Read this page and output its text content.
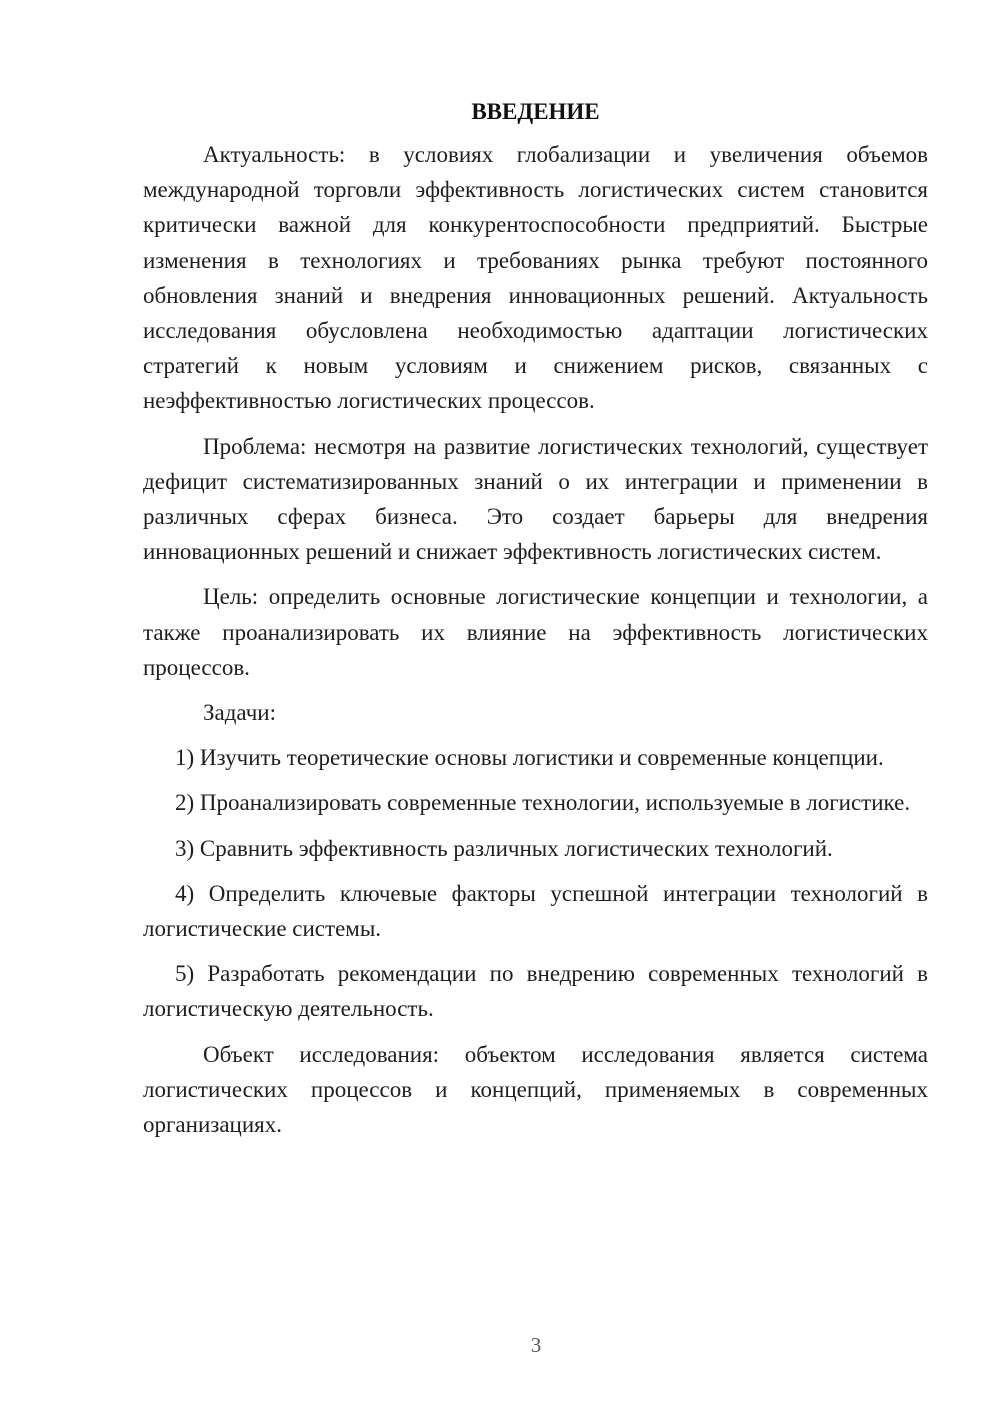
ВВЕДЕНИЕ

Актуальность: в условиях глобализации и увеличения объемов международной торговли эффективность логистических систем становится критически важной для конкурентоспособности предприятий. Быстрые изменения в технологиях и требованиях рынка требуют постоянного обновления знаний и внедрения инновационных решений. Актуальность исследования обусловлена необходимостью адаптации логистических стратегий к новым условиям и снижением рисков, связанных с неэффективностью логистических процессов.

Проблема: несмотря на развитие логистических технологий, существует дефицит систематизированных знаний о их интеграции и применении в различных сферах бизнеса. Это создает барьеры для внедрения инновационных решений и снижает эффективность логистических систем.

Цель: определить основные логистические концепции и технологии, а также проанализировать их влияние на эффективность логистических процессов.

Задачи:

1) Изучить теоретические основы логистики и современные концепции.

2) Проанализировать современные технологии, используемые в логистике.

3) Сравнить эффективность различных логистических технологий.

4) Определить ключевые факторы успешной интеграции технологий в логистические системы.

5) Разработать рекомендации по внедрению современных технологий в логистическую деятельность.

Объект исследования: объектом исследования является система логистических процессов и концепций, применяемых в современных организациях.

3
